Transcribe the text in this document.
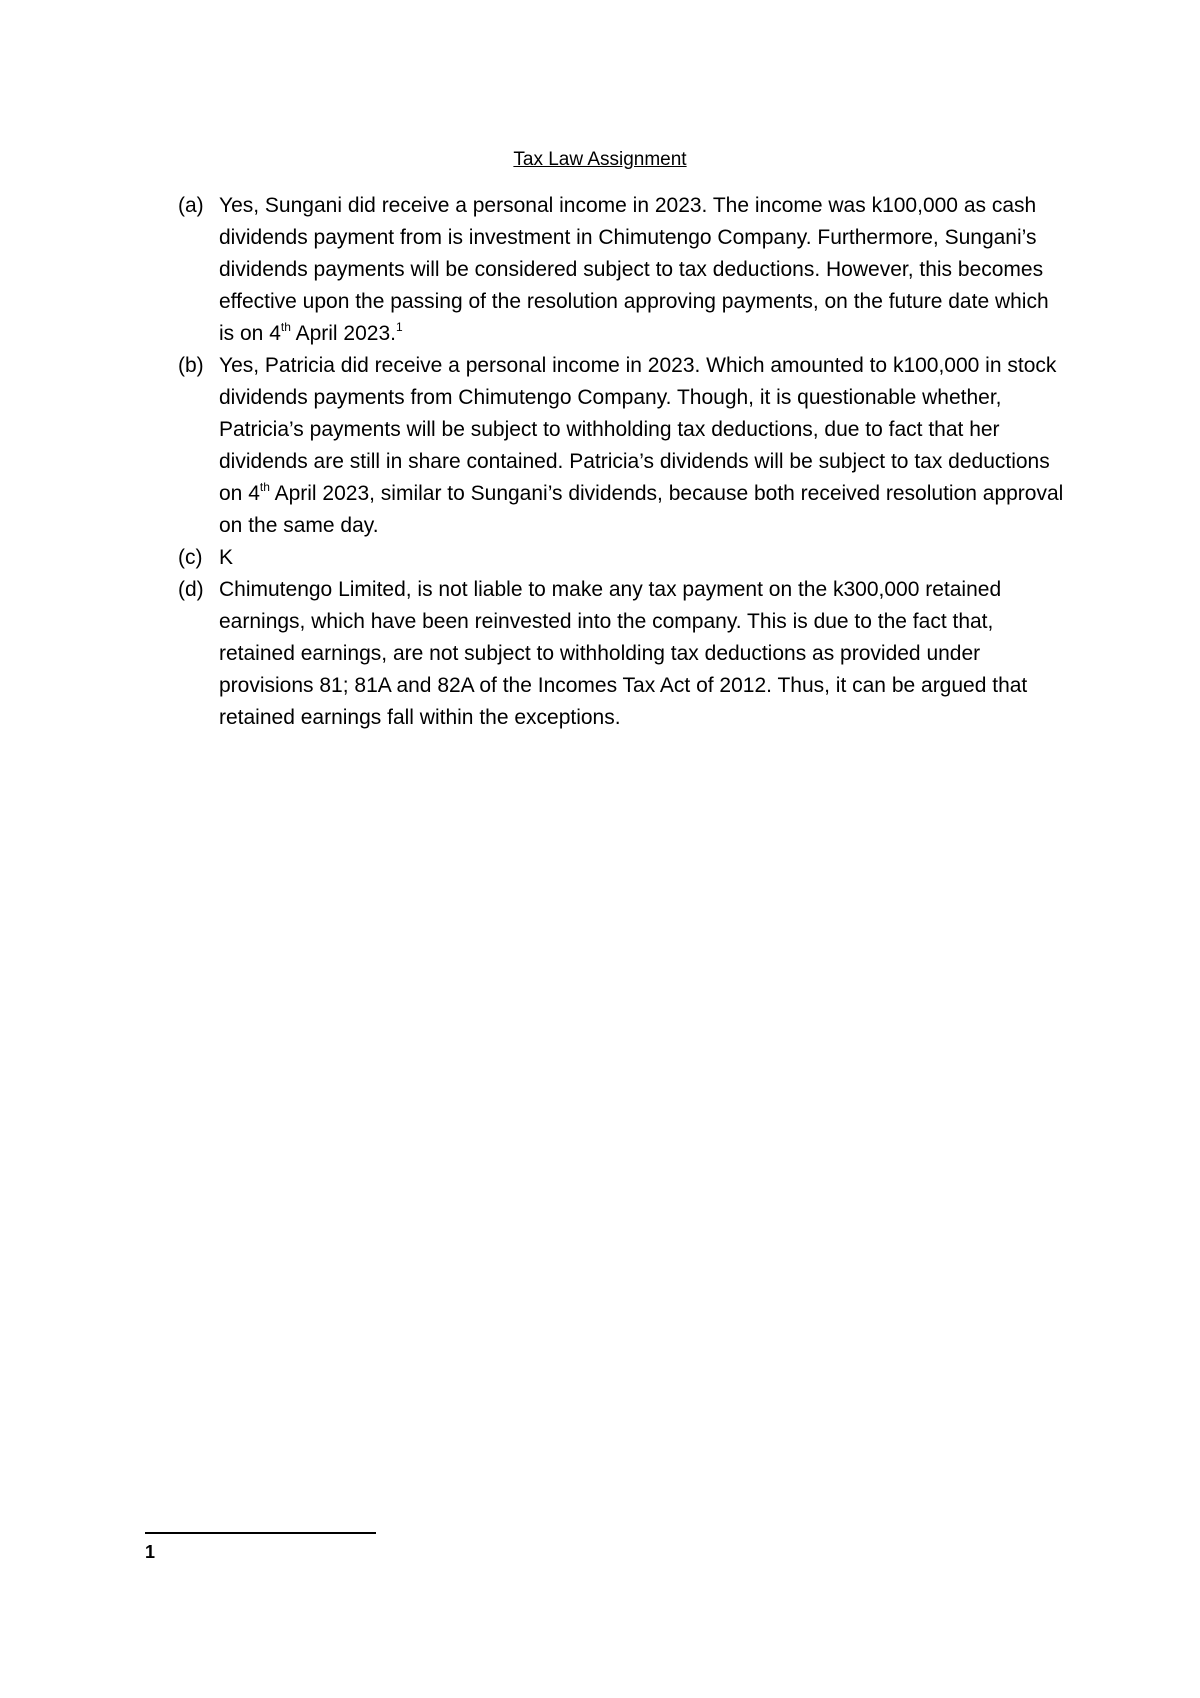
Tax Law Assignment
(a) Yes, Sungani did receive a personal income in 2023. The income was k100,000 as cash dividends payment from is investment in Chimutengo Company. Furthermore, Sungani’s dividends payments will be considered subject to tax deductions. However, this becomes effective upon the passing of the resolution approving payments, on the future date which is on 4th April 2023.$^1$
(b) Yes, Patricia did receive a personal income in 2023. Which amounted to k100,000 in stock dividends payments from Chimutengo Company. Though, it is questionable whether, Patricia’s payments will be subject to withholding tax deductions, due to fact that her dividends are still in share contained. Patricia’s dividends will be subject to tax deductions on 4th April 2023, similar to Sungani’s dividends, because both received resolution approval on the same day.
(c) K
(d) Chimutengo Limited, is not liable to make any tax payment on the k300,000 retained earnings, which have been reinvested into the company. This is due to the fact that, retained earnings, are not subject to withholding tax deductions as provided under provisions 81; 81A and 82A of the Incomes Tax Act of 2012. Thus, it can be argued that retained earnings fall within the exceptions.
1
